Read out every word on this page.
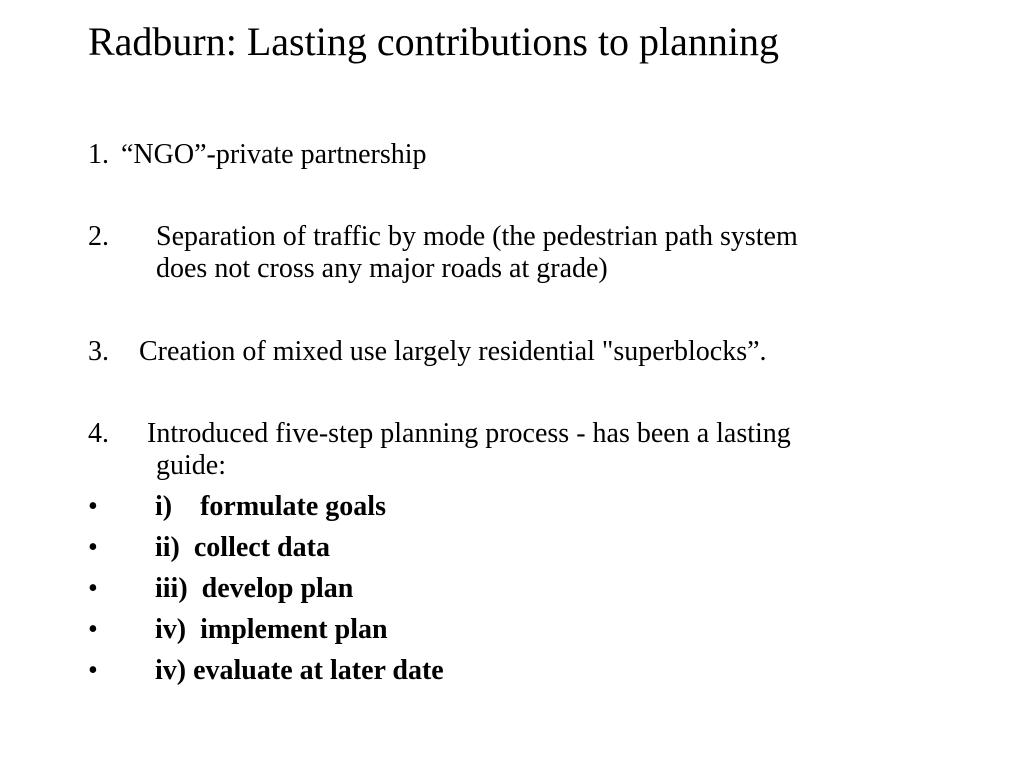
Radburn: Lasting contributions to planning
1. “NGO”-private partnership
2. Separation of traffic by mode (the pedestrian path system
does not cross any major roads at grade)
3. Creation of mixed use largely residential "superblocks”.
4. Introduced five-step planning process - has been a lasting
guide:
• i)    formulate goals
• ii)  collect data
• iii)  develop plan
• iv)  implement plan
• iv) evaluate at later date
